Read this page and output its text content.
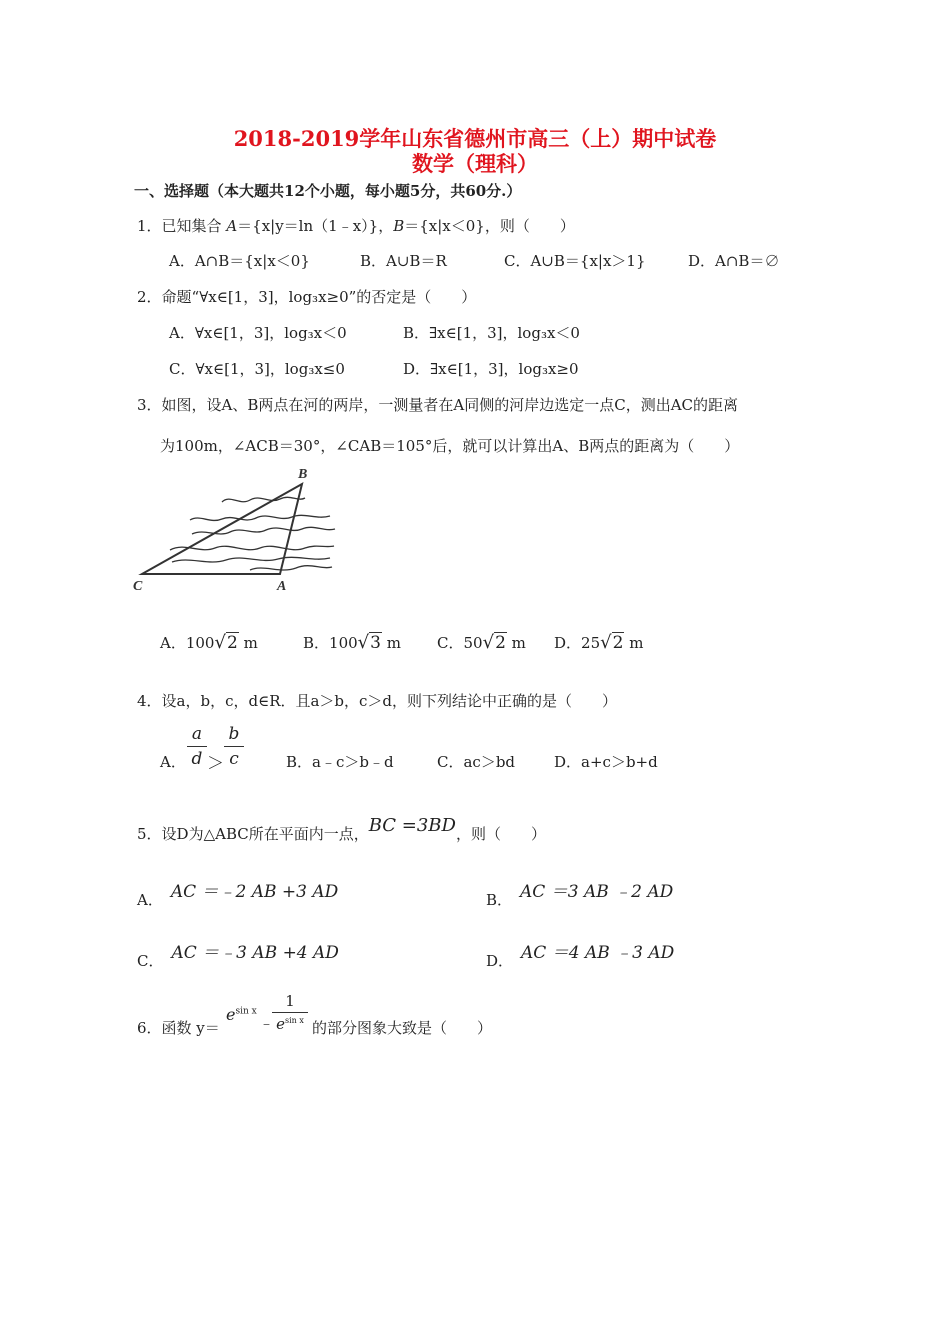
2018-2019学年山东省德州市高三（上）期中试卷
数学（理科）
一、选择题（本大题共12个小题，每小题5分，共60分.）
1．已知集合 A＝{x|y＝ln（1﹣x）}，B＝{x|x＜0}，则（　　）
A．A∩B＝{x|x＜0}	B．A∪B＝R	C．A∪B＝{x|x＞1}	D．A∩B＝∅
2．命题“∀x∈[1，3]，log₃x≥0”的否定是（　　）
A．∀x∈[1，3]，log₃x＜0	B．∃x∈[1，3]，log₃x＜0
C．∀x∈[1，3]，log₃x≤0	D．∃x∈[1，3]，log₃x≥0
3．如图，设A、B两点在河的两岸，一测量者在A同侧的河岸边选定一点C，测出AC的距离
为100m，∠ACB＝30°，∠CAB＝105°后，就可以计算出A、B两点的距离为（　　）
B
C	A
A．100√2 m	B．100√3 m C．50√2 m D．25√2 m
4．设a，b，c，d∈R．且a＞b，c＞d，则下列结论中正确的是（　　）
A．
a
d ＞
b
c	B．a﹣c＞b﹣d	C．ac＞bd	D．a+c＞b+d
5．设D为△ABC所在平面内一点，BC =3BD，则（　　）
A． AC ＝﹣2 AB +3 AD	B． AC ＝3 AB ﹣2 AD
C． AC ＝﹣3 AB +4 AD	D． AC ＝4 AB ﹣3 AD
6．函数 y＝
$e^{sin x}$
﹣
1
$e^{sin x}$ 的部分图象大致是（　　）
